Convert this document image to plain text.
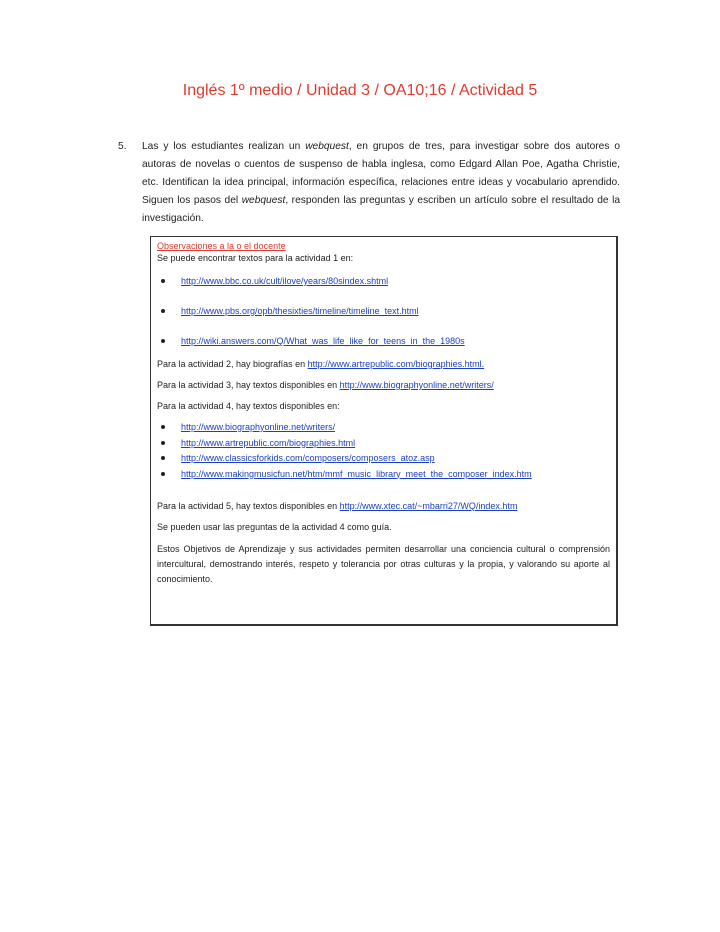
Inglés 1º medio / Unidad 3 / OA10;16 / Actividad 5
5. Las y los estudiantes realizan un webquest, en grupos de tres, para investigar sobre dos autores o autoras de novelas o cuentos de suspenso de habla inglesa, como Edgard Allan Poe, Agatha Christie, etc. Identifican la idea principal, información específica, relaciones entre ideas y vocabulario aprendido. Siguen los pasos del webquest, responden las preguntas y escriben un artículo sobre el resultado de la investigación.

Observaciones a la o el docente

Se puede encontrar textos para la actividad 1 en:

http://www.bbc.co.uk/cult/ilove/years/80sindex.shtml
http://www.pbs.org/opb/thesixties/timeline/timeline_text.html
http://wiki.answers.com/Q/What_was_life_like_for_teens_in_the_1980s

Para la actividad 2, hay biografías en http://www.artrepublic.com/biographies.html.

Para la actividad 3, hay textos disponibles en http://www.biographyonline.net/writers/

Para la actividad 4, hay textos disponibles en:

http://www.biographyonline.net/writers/
http://www.artrepublic.com/biographies.html
http://www.classicsforkids.com/composers/composers_atoz.asp
http://www.makingmusicfun.net/htm/mmf_music_library_meet_the_composer_index.htm

Para la actividad 5, hay textos disponibles en http://www.xtec.cat/~mbarri27/WQ/index.htm

Se pueden usar las preguntas de la actividad 4 como guía.

Estos Objetivos de Aprendizaje y sus actividades permiten desarrollar una conciencia cultural o comprensión intercultural, demostrando interés, respeto y tolerancia por otras culturas y la propia, y valorando su aporte al conocimiento.
